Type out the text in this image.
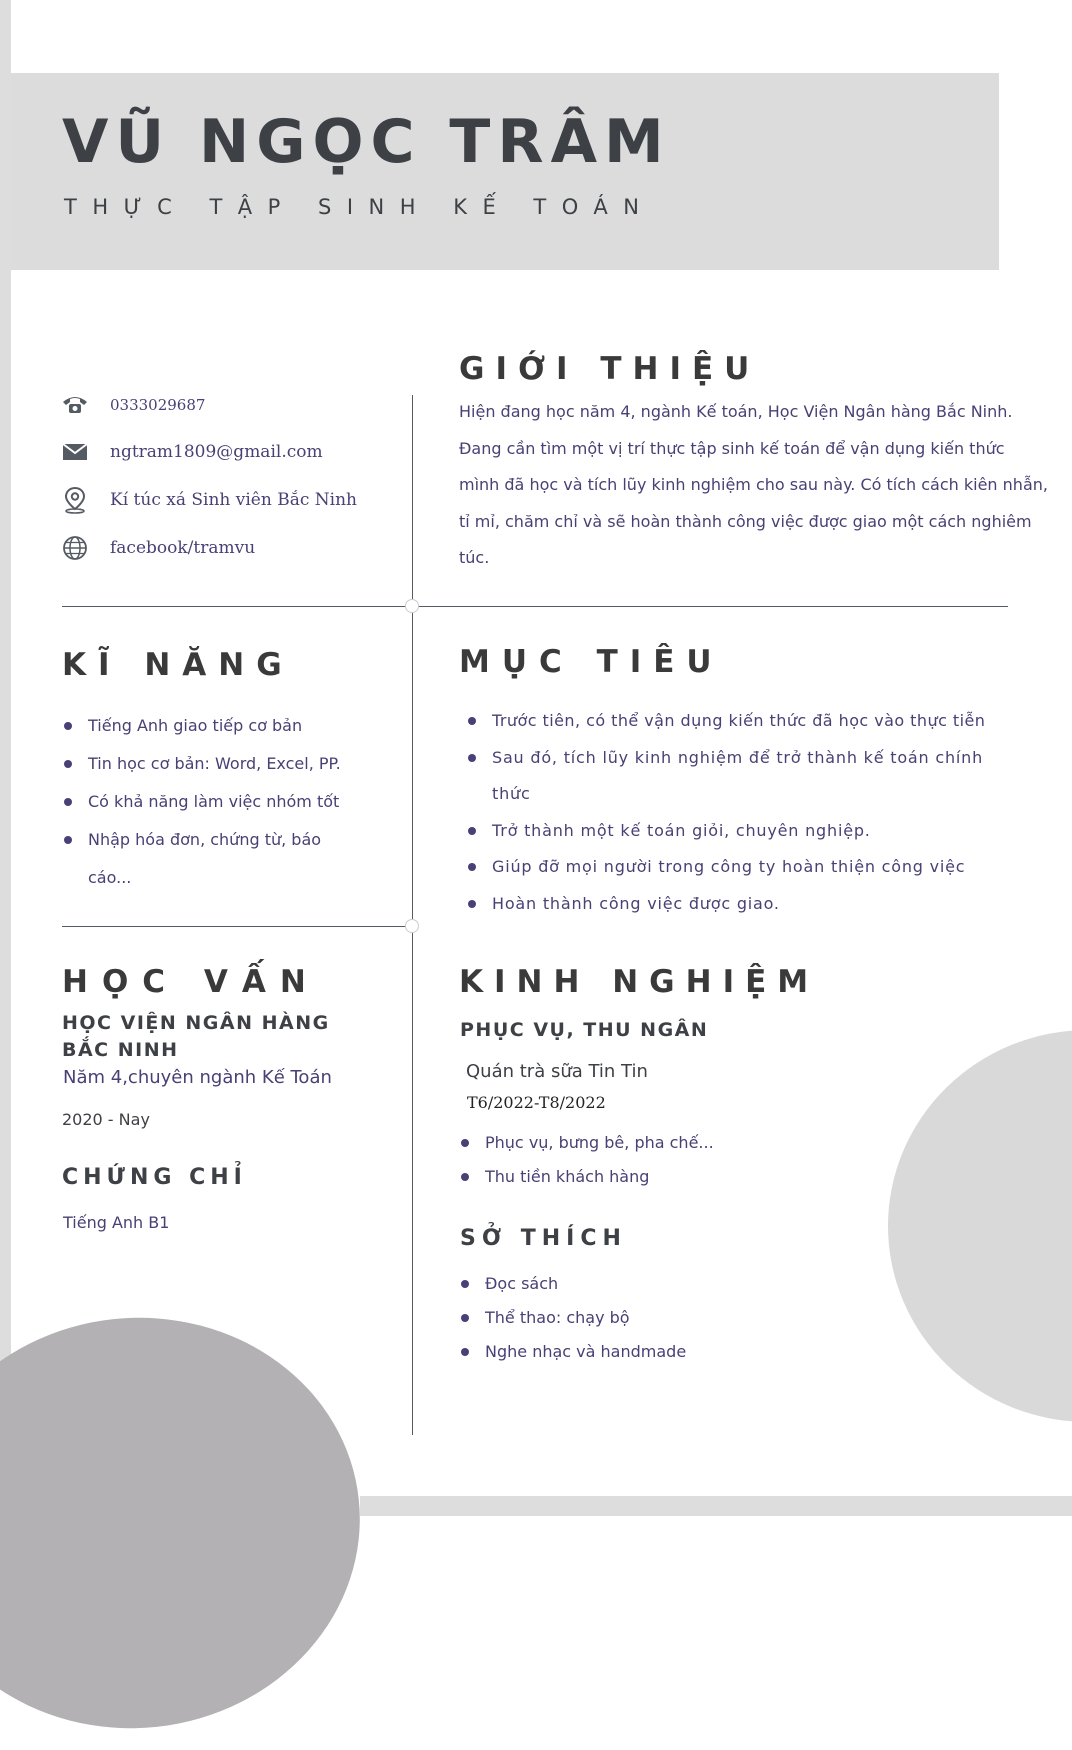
VŨ NGỌC TRÂM

THỰC TẬP SINH KẾ TOÁN

0333029687
ngtram1809@gmail.com
Kí túc xá Sinh viên Bắc Ninh
facebook/tramvu
GIỚI THIỆU

Hiện đang học năm 4, ngành Kế toán, Học Viện Ngân hàng Bắc Ninh. Đang cần tìm một vị trí thực tập sinh kế toán để vận dụng kiến thức mình đã học và tích lũy kinh nghiệm cho sau này. Có tích cách kiên nhẫn, tỉ mỉ, chăm chỉ và sẽ hoàn thành công việc được giao một cách nghiêm túc.

KĨ NĂNG
Tiếng Anh giao tiếp cơ bản
Tin học cơ bản: Word, Excel, PP.
Có khả năng làm việc nhóm tốt
Nhập hóa đơn, chứng từ, báo cáo...
MỤC TIÊU
Trước tiên, có thể vận dụng kiến thức đã học vào thực tiễn
Sau đó, tích lũy kinh nghiệm để trở thành kế toán chính thức
Trở thành một kế toán giỏi, chuyên nghiệp.
Giúp đỡ mọi người trong công ty hoàn thiện công việc
Hoàn thành công việc được giao.
HỌC VẤN

HỌC VIỆN NGÂN HÀNG BẮC NINH

Năm 4,chuyên ngành Kế Toán

2020 - Nay

CHỨNG CHỈ

Tiếng Anh B1

KINH NGHIỆM

PHỤC VỤ, THU NGÂN

Quán trà sữa Tin Tin

T6/2022-T8/2022

Phục vụ, bưng bê, pha chế...
Thu tiền khách hàng
SỞ THÍCH
Đọc sách
Thể thao: chạy bộ
Nghe nhạc và handmade
